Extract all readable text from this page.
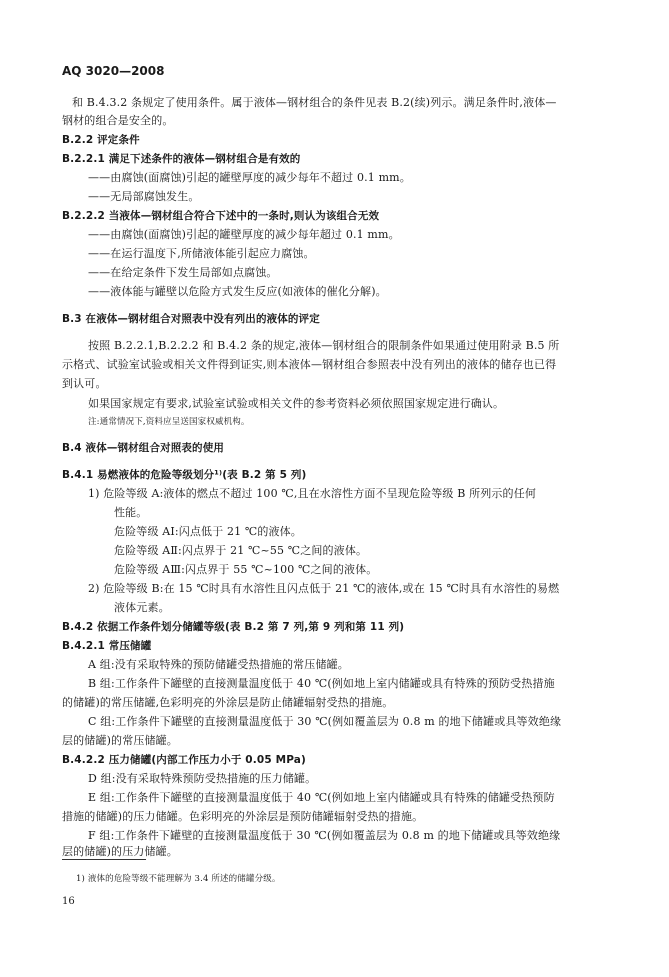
AQ 3020—2008
和 B.4.3.2 条规定了使用条件。属于液体—钢材组合的条件见表 B.2(续)列示。满足条件时,液体—
钢材的组合是安全的。
B.2.2 评定条件
B.2.2.1 满足下述条件的液体—钢材组合是有效的
——由腐蚀(面腐蚀)引起的罐壁厚度的减少每年不超过 0.1 mm。
——无局部腐蚀发生。
B.2.2.2 当液体—钢材组合符合下述中的一条时,则认为该组合无效
——由腐蚀(面腐蚀)引起的罐壁厚度的减少每年超过 0.1 mm。
——在运行温度下,所储液体能引起应力腐蚀。
——在给定条件下发生局部如点腐蚀。
——液体能与罐壁以危险方式发生反应(如液体的催化分解)。
B.3 在液体—钢材组合对照表中没有列出的液体的评定
按照 B.2.2.1,B.2.2.2 和 B.4.2 条的规定,液体—钢材组合的限制条件如果通过使用附录 B.5 所
示格式、试验室试验或相关文件得到证实,则本液体—钢材组合参照表中没有列出的液体的储存也已得
到认可。
如果国家规定有要求,试验室试验或相关文件的参考资料必须依照国家规定进行确认。
注:通常情况下,资料应呈送国家权威机构。
B.4 液体—钢材组合对照表的使用
B.4.1 易燃液体的危险等级划分¹⁾(表 B.2 第 5 列)
1) 危险等级 A:液体的燃点不超过 100 ℃,且在水溶性方面不呈现危险等级 B 所列示的任何
性能。
危险等级 AⅠ:闪点低于 21 ℃的液体。
危险等级 AⅡ:闪点界于 21 ℃~55 ℃之间的液体。
危险等级 AⅢ:闪点界于 55 ℃~100 ℃之间的液体。
2) 危险等级 B:在 15 ℃时具有水溶性且闪点低于 21 ℃的液体,或在 15 ℃时具有水溶性的易燃
液体元素。
B.4.2 依据工作条件划分储罐等级(表 B.2 第 7 列,第 9 列和第 11 列)
B.4.2.1 常压储罐
A 组:没有采取特殊的预防储罐受热措施的常压储罐。
B 组:工作条件下罐壁的直接测量温度低于 40 ℃(例如地上室内储罐或具有特殊的预防受热措施
的储罐)的常压储罐,色彩明亮的外涂层是防止储罐辐射受热的措施。
C 组:工作条件下罐壁的直接测量温度低于 30 ℃(例如覆盖层为 0.8 m 的地下储罐或具等效绝缘
层的储罐)的常压储罐。
B.4.2.2 压力储罐(内部工作压力小于 0.05 MPa)
D 组:没有采取特殊预防受热措施的压力储罐。
E 组:工作条件下罐壁的直接测量温度低于 40 ℃(例如地上室内储罐或具有特殊的储罐受热预防
措施的储罐)的压力储罐。色彩明亮的外涂层是预防储罐辐射受热的措施。
F 组:工作条件下罐壁的直接测量温度低于 30 ℃(例如覆盖层为 0.8 m 的地下储罐或具等效绝缘
层的储罐)的压力储罐。
1) 液体的危险等级不能理解为 3.4 所述的储罐分级。
16
